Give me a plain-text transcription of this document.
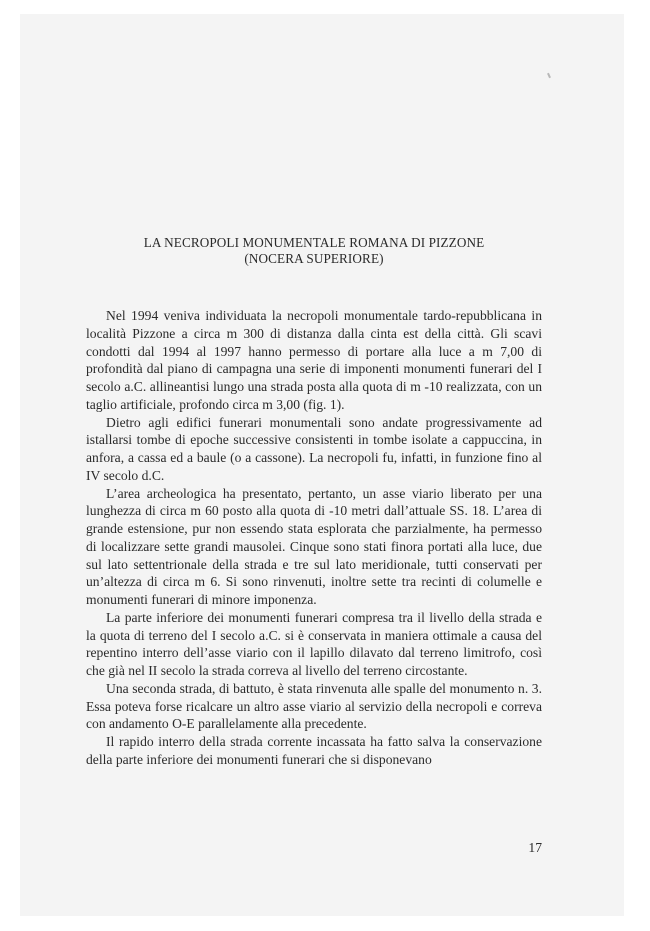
LA NECROPOLI MONUMENTALE ROMANA DI PIZZONE
(NOCERA SUPERIORE)

Nel 1994 veniva individuata la necropoli monumentale tardo-repubblicana in località Pizzone a circa m 300 di distanza dalla cinta est della città. Gli scavi condotti dal 1994 al 1997 hanno permesso di portare alla luce a m 7,00 di profondità dal piano di campagna una serie di imponenti monumenti funerari del I secolo a.C. allineantisi lungo una strada posta alla quota di m -10 realizzata, con un taglio artificiale, profondo circa m 3,00 (fig. 1).

Dietro agli edifici funerari monumentali sono andate progressivamente ad istallarsi tombe di epoche successive consistenti in tombe isolate a cappuccina, in anfora, a cassa ed a baule (o a cassone). La necropoli fu, infatti, in funzione fino al IV secolo d.C.

L’area archeologica ha presentato, pertanto, un asse viario liberato per una lunghezza di circa m 60 posto alla quota di -10 metri dall’attuale SS. 18. L’area di grande estensione, pur non essendo stata esplorata che parzialmente, ha permesso di localizzare sette grandi mausolei. Cinque sono stati finora portati alla luce, due sul lato settentrionale della strada e tre sul lato meridionale, tutti conservati per un’altezza di circa m 6. Si sono rinvenuti, inoltre sette tra recinti di columelle e monumenti funerari di minore imponenza.

La parte inferiore dei monumenti funerari compresa tra il livello della strada e la quota di terreno del I secolo a.C. si è conservata in maniera ottimale a causa del repentino interro dell’asse viario con il lapillo dilavato dal terreno limitrofo, così che già nel II secolo la strada correva al livello del terreno circostante.

Una seconda strada, di battuto, è stata rinvenuta alle spalle del monumento n. 3. Essa poteva forse ricalcare un altro asse viario al servizio della necropoli e correva con andamento O-E parallelamente alla precedente.

Il rapido interro della strada corrente incassata ha fatto salva la conservazione della parte inferiore dei monumenti funerari che si disponevano

17
